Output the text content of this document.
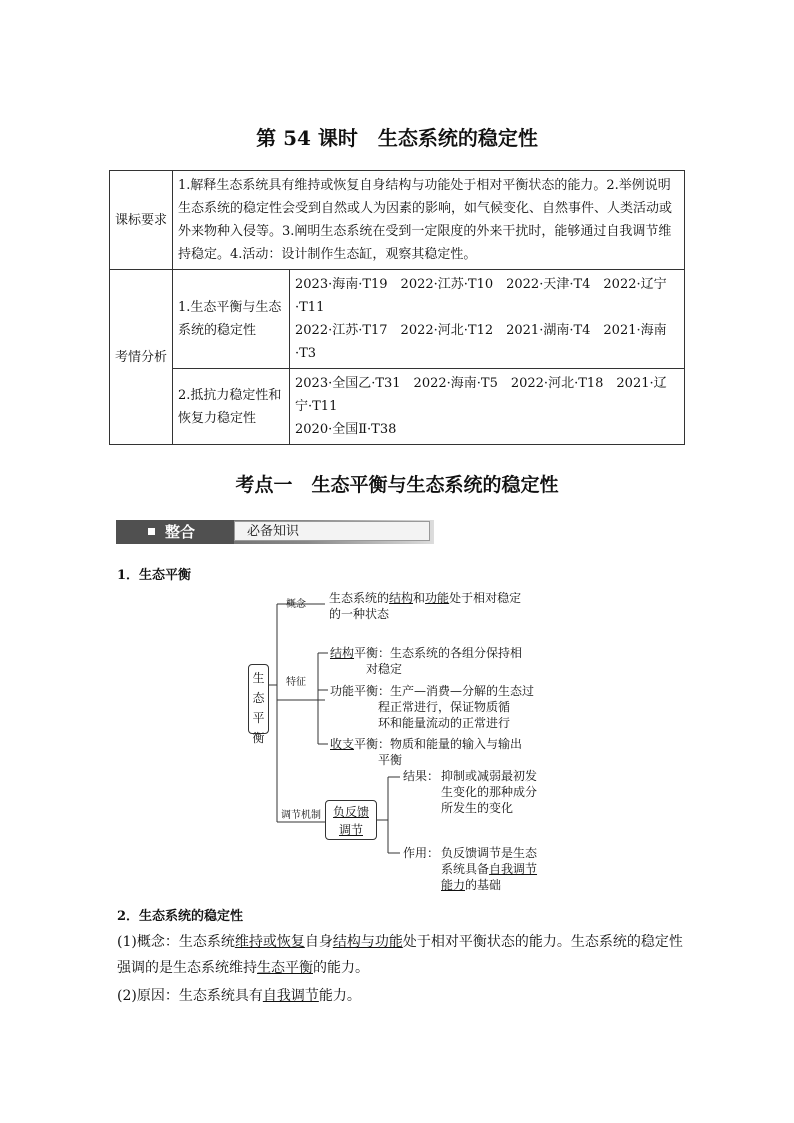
第 54 课时　生态系统的稳定性
课标要求	1.解释生态系统具有维持或恢复自身结构与功能处于相对平衡状态的能力。2.举例说明生态系统的稳定性会受到自然或人为因素的影响，如气候变化、自然事件、人类活动或外来物种入侵等。3.阐明生态系统在受到一定限度的外来干扰时，能够通过自我调节维持稳定。4.活动：设计制作生态缸，观察其稳定性。	
考情分析	1.生态平衡与生态系统的稳定性	2023·海南·T19　2022·江苏·T10　2022·天津·T4　2022·辽宁·T11
2022·江苏·T17　2022·河北·T12　2021·湖南·T4　2021·海南·T3

	2.抵抗力稳定性和恢复力稳定性	2023·全国乙·T31　2022·海南·T5　2022·河北·T18　2021·辽宁·T11
2020·全国Ⅱ·T38
考点一　生态平衡与生态系统的稳定性
整合	必备知识
1．生态平衡
生
态
平
衡
概念 生态系统的结构和功能处于相对稳定
的一种状态
特征
结构平衡：生态系统的各组分保持相
对稳定
功能平衡：生产—消费—分解的生态过
程正常进行，保证物质循
环和能量流动的正常进行
收支平衡：物质和能量的输入与输出
平衡
调节机制 负反馈
调节
结果： 抑制或减弱最初发
生变化的那种成分
所发生的变化
作用： 负反馈调节是生态
系统具备自我调节
能力的基础
2．生态系统的稳定性
(1)概念：生态系统维持或恢复自身结构与功能处于相对平衡状态的能力。生态系统的稳定性
强调的是生态系统维持生态平衡的能力。
(2)原因：生态系统具有自我调节能力。
